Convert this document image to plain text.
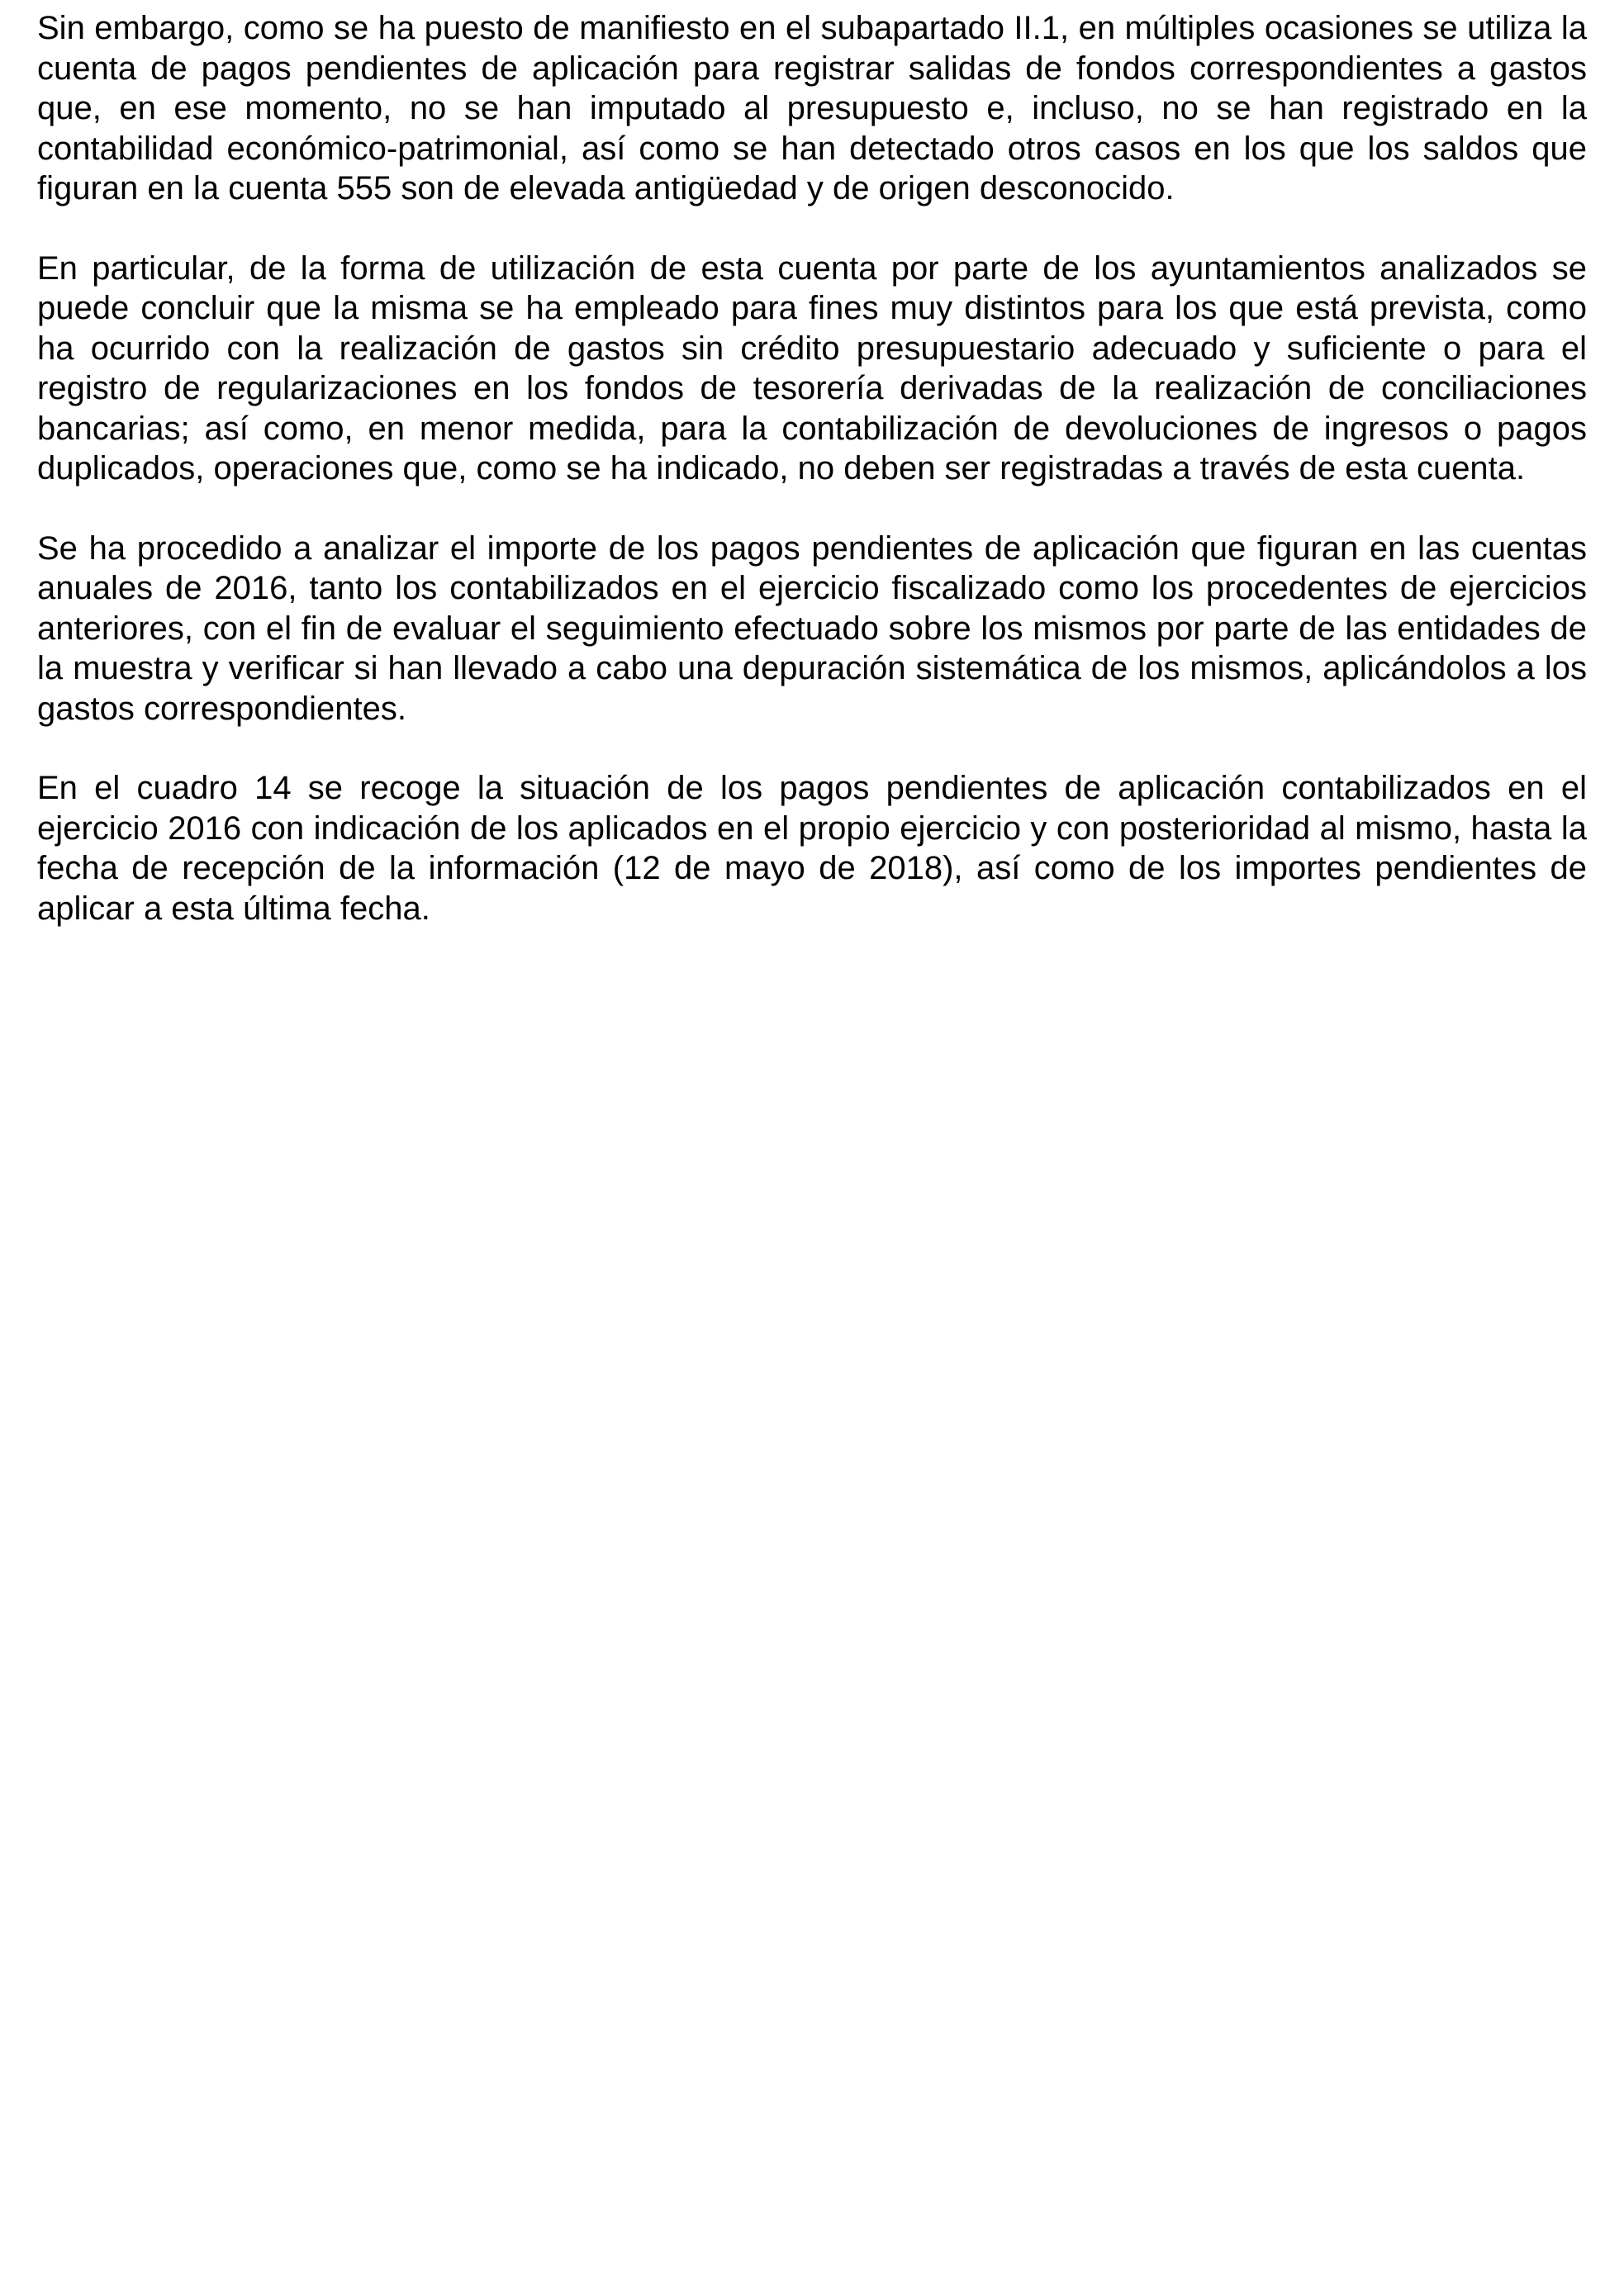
Sin embargo, como se ha puesto de manifiesto en el subapartado II.1, en múltiples ocasiones se utiliza la cuenta de pagos pendientes de aplicación para registrar salidas de fondos correspondientes a gastos que, en ese momento, no se han imputado al presupuesto e, incluso, no se han registrado en la contabilidad económico-patrimonial, así como se han detectado otros casos en los que los saldos que figuran en la cuenta 555 son de elevada antigüedad y de origen desconocido.

En particular, de la forma de utilización de esta cuenta por parte de los ayuntamientos analizados se puede concluir que la misma se ha empleado para fines muy distintos para los que está prevista, como ha ocurrido con la realización de gastos sin crédito presupuestario adecuado y suficiente o para el registro de regularizaciones en los fondos de tesorería derivadas de la realización de conciliaciones bancarias; así como, en menor medida, para la contabilización de devoluciones de ingresos o pagos duplicados, operaciones que, como se ha indicado, no deben ser registradas a través de esta cuenta.

Se ha procedido a analizar el importe de los pagos pendientes de aplicación que figuran en las cuentas anuales de 2016, tanto los contabilizados en el ejercicio fiscalizado como los procedentes de ejercicios anteriores, con el fin de evaluar el seguimiento efectuado sobre los mismos por parte de las entidades de la muestra y verificar si han llevado a cabo una depuración sistemática de los mismos, aplicándolos a los gastos correspondientes.

En el cuadro 14 se recoge la situación de los pagos pendientes de aplicación contabilizados en el ejercicio 2016 con indicación de los aplicados en el propio ejercicio y con posterioridad al mismo, hasta la fecha de recepción de la información (12 de mayo de 2018), así como de los importes pendientes de aplicar a esta última fecha.
